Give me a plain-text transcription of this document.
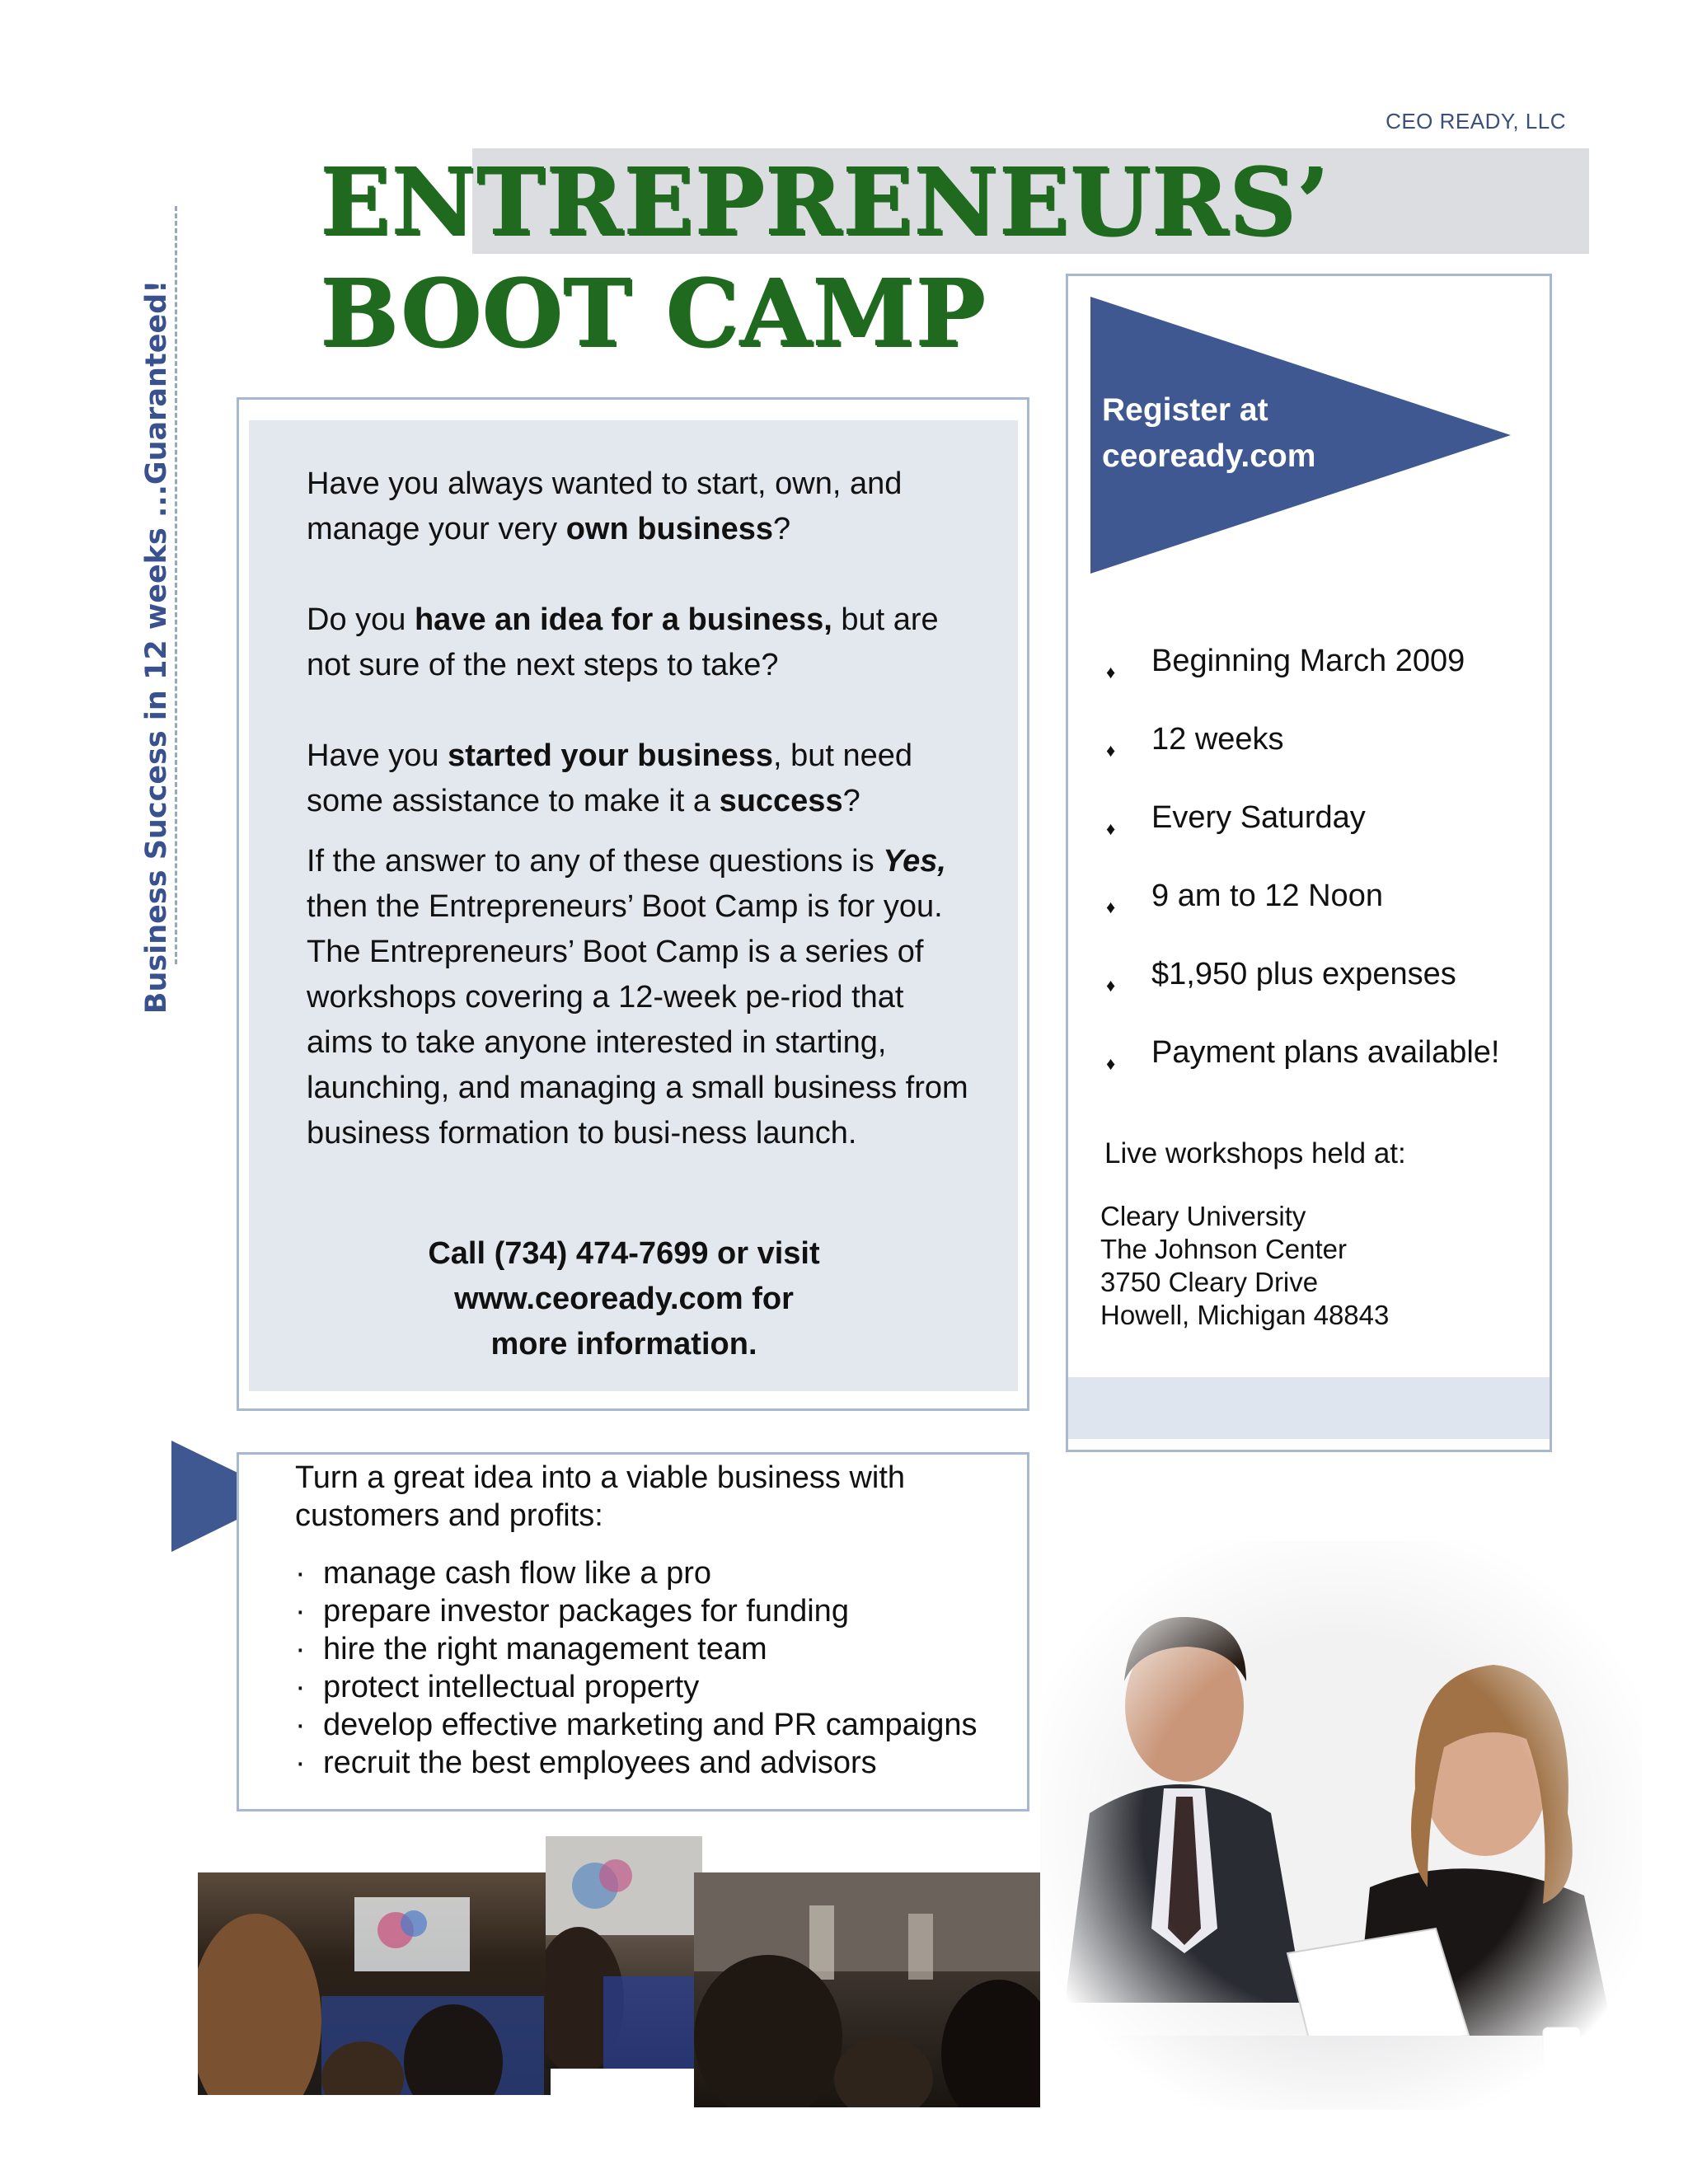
CEO READY, LLC
ENTREPRENEURS’
BOOT CAMP
Business Success in 12 weeks ...Guaranteed!	Have you always wanted to start, own, and manage your very own business?

Do you have an idea for a business, but are not sure of the next steps to take?

Have you started your business, but need some assistance to make it a success?

If the answer to any of these questions is Yes, then the Entrepreneurs’ Boot Camp is for you. The Entrepreneurs’ Boot Camp is a series of workshops covering a 12-week pe-riod that aims to take anyone interested in starting, launching, and managing a small business from business formation to busi-ness launch.

Call (734) 474-7699 or visit
www.ceoready.com for
more information.
Register at
ceoready.com
♦ Beginning March 2009
♦ 12 weeks
♦ Every Saturday
♦ 9 am to 12 Noon
♦ $1,950 plus expenses
♦ Payment plans available!
Live workshops held at:
Cleary University
The Johnson Center
3750 Cleary Drive
Howell, Michigan 48843
Turn a great idea into a viable business with customers and profits:
· manage cash flow like a pro
· prepare investor packages for funding
· hire the right management team
· protect intellectual property
· develop effective marketing and PR campaigns
· recruit the best employees and advisors
